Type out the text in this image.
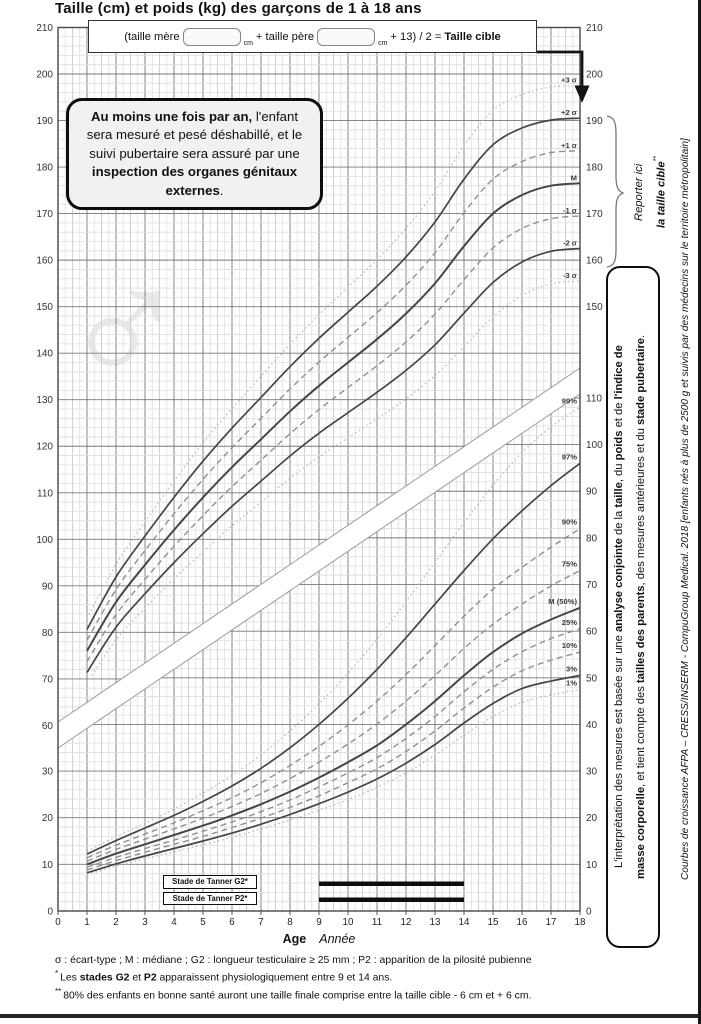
Taille (cm) et poids (kg) des garçons de 1 à 18 ans
♂
+3 σ
+2 σ
+1 σ
M
-1 σ
-2 σ
-3 σ
99%
97%
90%
75%
M (50%)
25%
10%
3%
1%
210
200
190
180
170
160
150
140
130
120
110
100
90
80
70
60
30
20
10
0
210
200
190
180
170
160
150
110
100
90
80
70
60
50
40
30
20
10
0
0 1 2 3 4 5 6 7 8 9 10 11 12 13 14 15 16 17 18
(taille mère
cm
+ taille père
cm
+ 13) / 2 = Taille cible
Au moins une fois par an, l'enfant sera mesuré et pesé déshabillé, et le suivi pubertaire sera assuré par une inspection des organes génitaux externes.	Reporter ici la taille cible**
L'interprétation des mesures est basée sur une analyse conjointe de la taille, du poids et de l'indice de
masse corporelle, et tient compte des tailles des parents, des mesures antérieures et du stade pubertaire.	Courbes de croissance AFPA – CRESS/INSERM - CompuGroup Medical. 2018 [enfants nés à plus de 2500 g et suivis par des médecins sur le territoire métropolitain]
Stade de Tanner G2*
Stade de Tanner P2*
Age Année
σ : écart-type ; M : médiane ; G2 : longueur testiculaire ≥ 25 mm ; P2 : apparition de la pilosité pubienne
* Les stades G2 et P2 apparaissent physiologiquement entre 9 et 14 ans.
** 80% des enfants en bonne santé auront une taille finale comprise entre la taille cible - 6 cm et + 6 cm.
